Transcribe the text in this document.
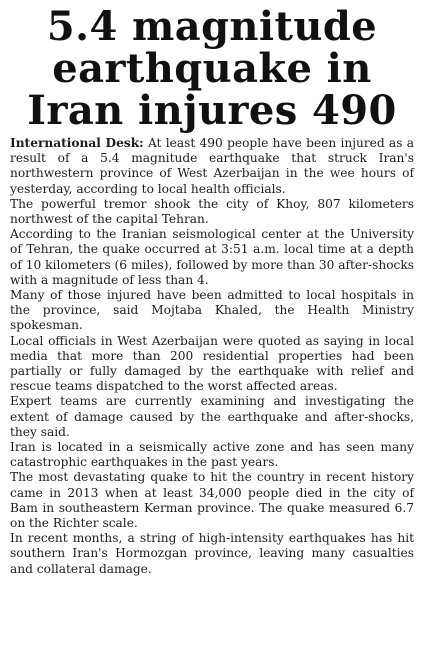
5.4 magnitude
earthquake in
Iran injures 490

International Desk: At least 490 people have been injured as a result of a 5.4 magnitude earthquake that struck Iran's northwestern province of West Azerbaijan in the wee hours of yesterday, according to local health officials.

The powerful tremor shook the city of Khoy, 807 kilometers northwest of the capital Tehran.

According to the Iranian seismological center at the University of Tehran, the quake occurred at 3:51 a.m. local time at a depth of 10 kilometers (6 miles), followed by more than 30 after-shocks with a magnitude of less than 4.

Many of those injured have been admitted to local hospitals in the province, said Mojtaba Khaled, the Health Ministry spokesman.

Local officials in West Azerbaijan were quoted as saying in local media that more than 200 residential properties had been partially or fully damaged by the earthquake with relief and rescue teams dispatched to the worst affected areas.

Expert teams are currently examining and investigating the extent of damage caused by the earthquake and after-shocks, they said.

Iran is located in a seismically active zone and has seen many catastrophic earthquakes in the past years.

The most devastating quake to hit the country in recent history came in 2013 when at least 34,000 people died in the city of Bam in southeastern Kerman province. The quake measured 6.7 on the Richter scale.

In recent months, a string of high-intensity earthquakes has hit southern Iran's Hormozgan province, leaving many casualties and collateral damage.
